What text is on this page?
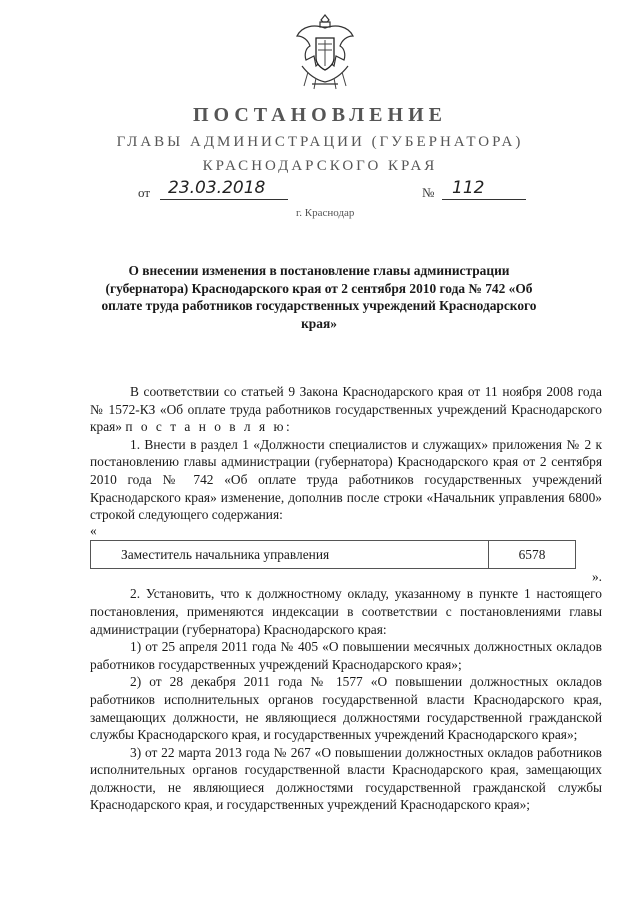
ПОСТАНОВЛЕНИЕ
ГЛАВЫ АДМИНИСТРАЦИИ (ГУБЕРНАТОРА)
КРАСНОДАРСКОГО КРАЯ
от 23.03.2018	№ 112
г. Краснодар
О внесении изменения в постановление главы администрации (губернатора) Краснодарского края от 2 сентября 2010 года № 742 «Об оплате труда работников государственных учреждений Краснодарского края»

В соответствии со статьей 9 Закона Краснодарского края от 11 ноября 2008 года № 1572-КЗ «Об оплате труда работников государственных учреждений Краснодарского края» п о с т а н о в л я ю:

1. Внести в раздел 1 «Должности специалистов и служащих» приложения № 2 к постановлению главы администрации (губернатора) Краснодарского края от 2 сентября 2010 года № 742 «Об оплате труда работников государственных учреждений Краснодарского края» изменение, дополнив после строки «Начальник управления 6800» строкой следующего содержания:

«

Заместитель начальника управления	6578

».

2. Установить, что к должностному окладу, указанному в пункте 1 настоящего постановления, применяются индексации в соответствии с постановлениями главы администрации (губернатора) Краснодарского края:

1) от 25 апреля 2011 года № 405 «О повышении месячных должностных окладов работников государственных учреждений Краснодарского края»;

2) от 28 декабря 2011 года № 1577 «О повышении должностных окладов работников исполнительных органов государственной власти Краснодарского края, замещающих должности, не являющиеся должностями государственной гражданской службы Краснодарского края, и государственных учреждений Краснодарского края»;

3) от 22 марта 2013 года № 267 «О повышении должностных окладов работников исполнительных органов государственной власти Краснодарского края, замещающих должности, не являющиеся должностями государственной гражданской службы Краснодарского края, и государственных учреждений Краснодарского края»;
